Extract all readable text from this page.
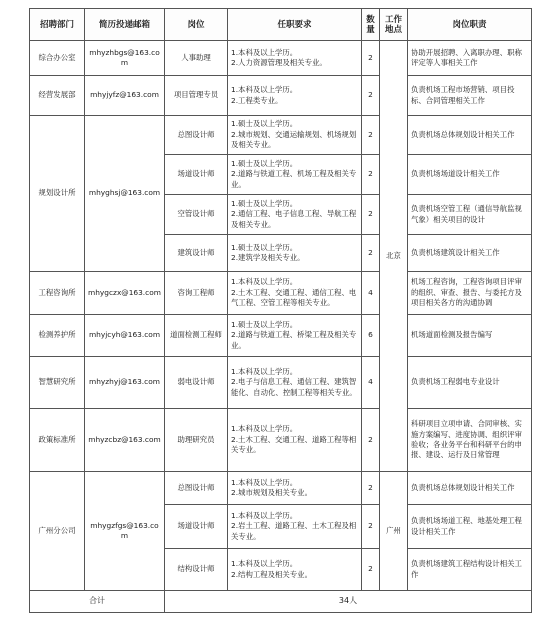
招聘部门	简历投递邮箱	岗位	任职要求	数量	工作地点	岗位职责
综合办公室	mhyzhbgs@163.com	人事助理	1.本科及以上学历。
2.人力资源管理及相关专业。	2	北京	协助开展招聘、入离职办理、职称评定等人事相关工作
经营发展部	mhyjyfz@163.com	项目管理专员	1.本科及以上学历。
2.工程类专业。	2		负责机场工程市场营销、项目投标、合同管理相关工作
规划设计所	mhyghsj@163.com	总图设计师	1.硕士及以上学历。
2.城市规划、交通运输规划、机场规划及相关专业。	2		负责机场总体规划设计相关工作
		场道设计师	1.硕士及以上学历。
2.道路与铁道工程、机场工程及相关专业。	2		负责机场场道设计相关工作
		空管设计师	1.硕士及以上学历。
2.通信工程、电子信息工程、导航工程及相关专业。	2		负责机场空管工程（通信导航监视气象）相关项目的设计
		建筑设计师	1.硕士及以上学历。
2.建筑学及相关专业。	2		负责机场建筑设计相关工作
工程咨询所	mhygczx@163.com	咨询工程师	1.本科及以上学历。
2.土木工程、交通工程、通信工程、电气工程、空管工程等相关专业。	4		机场工程咨询，工程咨询项目评审的组织、审查、报告、与委托方及项目相关各方的沟通协调
检测养护所	mhyjcyh@163.com	道面检测工程师	1.硕士及以上学历。
2.道路与铁道工程、桥梁工程及相关专业。	6		机场道面检测及报告编写
智慧研究所	mhyzhyj@163.com	弱电设计师	1.本科及以上学历。
2.电子与信息工程、通信工程、建筑智能化、自动化、控制工程等相关专业。	4		负责机场工程弱电专业设计
政策标准所	mhyzcbz@163.com	助理研究员	1.本科及以上学历。
2.土木工程、交通工程、道路工程等相关专业。	2		科研项目立项申请、合同审核、实施方案编写、进度协调、组织评审验收；各业务平台和科研平台的申报、建设、运行及日常管理
广州分公司	mhygzfgs@163.com	总图设计师	1.本科及以上学历。
2.城市规划及相关专业。	2	广州	负责机场总体规划设计相关工作
		场道设计师	1.本科及以上学历。
2.岩土工程、道路工程、土木工程及相关专业。	2		负责机场场道工程、地基处理工程设计相关工作
		结构设计师	1.本科及以上学历。
2.结构工程及相关专业。	2		负责机场建筑工程结构设计相关工作
合计		34人				
